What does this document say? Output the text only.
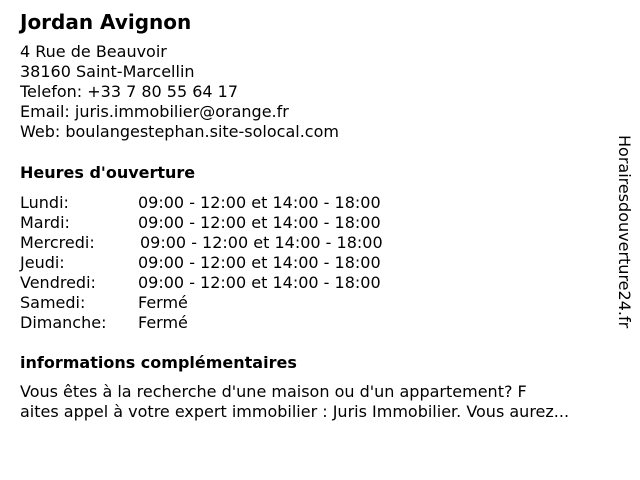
Jordan Avignon
4 Rue de Beauvoir
38160 Saint-Marcellin
Telefon: +33 7 80 55 64 17
Email: juris.immobilier@orange.fr
Web: boulangestephan.site-solocal.com
Heures d'ouverture
Lundi:	09:00 - 12:00 et 14:00 - 18:00
Mardi:	09:00 - 12:00 et 14:00 - 18:00
Mercredi:	09:00 - 12:00 et 14:00 - 18:00
Jeudi:	09:00 - 12:00 et 14:00 - 18:00
Vendredi:	09:00 - 12:00 et 14:00 - 18:00
Samedi:	Fermé
Dimanche: Fermé
informations complémentaires
Vous êtes à la recherche d'une maison ou d'un appartement? F
aites appel à votre expert immobilier : Juris Immobilier. Vous aurez...
Horairesdouverture24.fr
